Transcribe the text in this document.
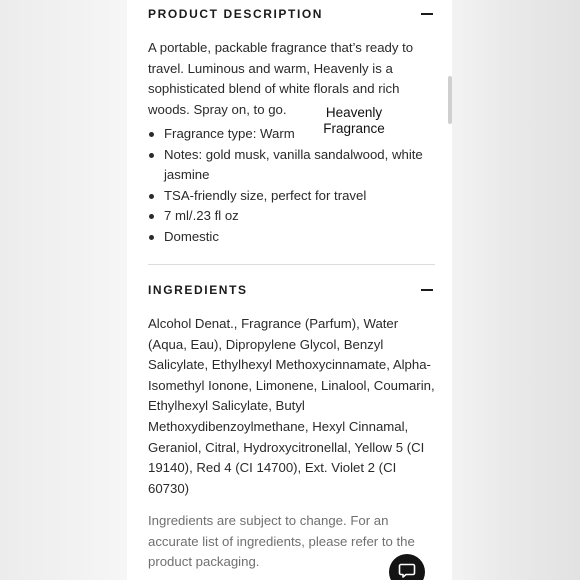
PRODUCT DESCRIPTION

A portable, packable fragrance that’s ready to travel. Luminous and warm, Heavenly is a sophisticated blend of white florals and rich woods. Spray on, to go.

Fragrance type: Warm
Notes: gold musk, vanilla sandalwood, white jasmine
TSA-friendly size, perfect for travel
7 ml/.23 fl oz
Domestic
Heavenly
Fragrance
INGREDIENTS

Alcohol Denat., Fragrance (Parfum), Water (Aqua, Eau), Dipropylene Glycol, Benzyl Salicylate, Ethylhexyl Methoxycinnamate, Alpha-Isomethyl Ionone, Limonene, Linalool, Coumarin, Ethylhexyl Salicylate, Butyl Methoxydibenzoylmethane, Hexyl Cinnamal, Geraniol, Citral, Hydroxycitronellal, Yellow 5 (CI 19140), Red 4 (CI 14700), Ext. Violet 2 (CI 60730)

Ingredients are subject to change. For an accurate list of ingredients, please refer to the product packaging.
